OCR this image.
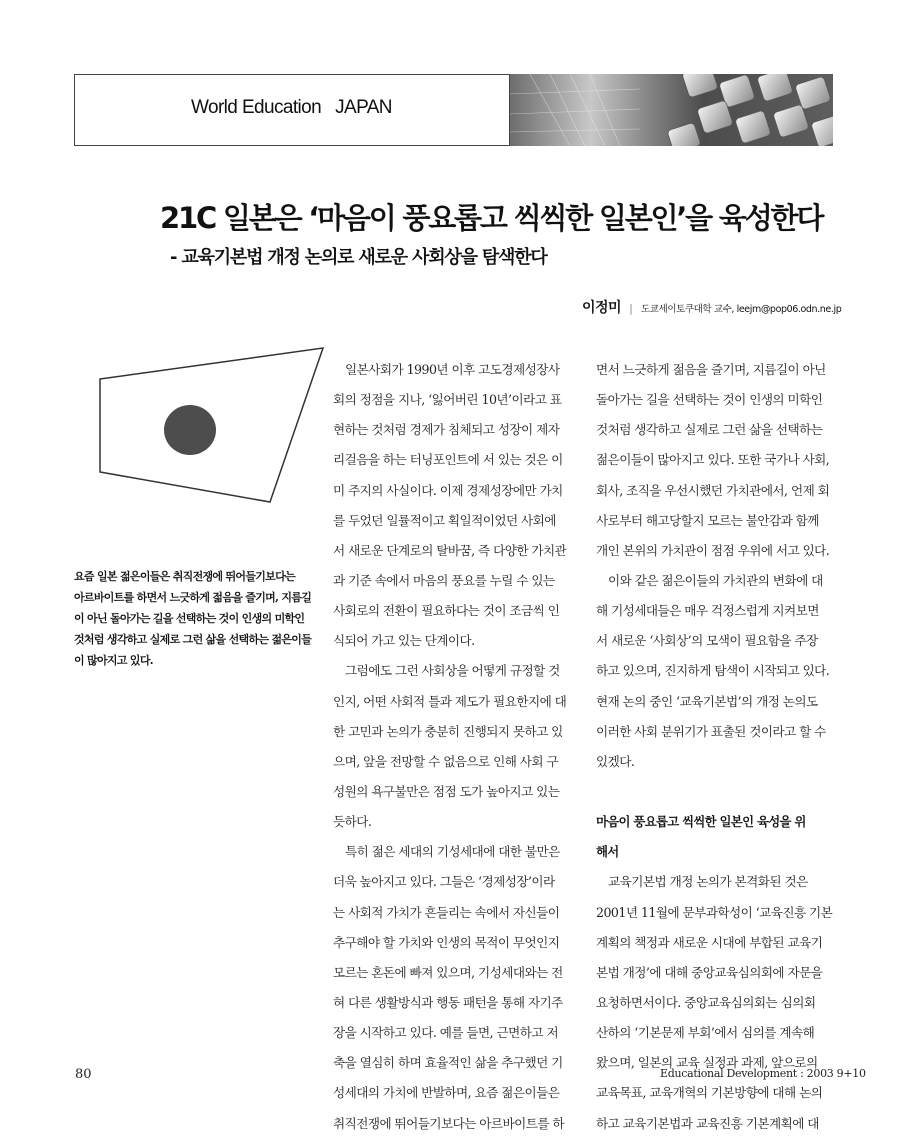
World Education   JAPAN
21C 일본은 ‘마음이 풍요롭고 씩씩한 일본인’을 육성한다
- 교육기본법 개정 논의로 새로운 사회상을 탐색한다
이정미 | 도쿄세이토쿠대학 교수, leejm@pop06.odn.ne.jp
요즘 일본 젊은이들은 취직전쟁에 뛰어들기보다는
아르바이트를 하면서 느긋하게 젊음을 즐기며, 지름길
이 아닌 돌아가는 길을 선택하는 것이 인생의 미학인
것처럼 생각하고 실제로 그런 삶을 선택하는 젊은이들
이 많아지고 있다.
　일본사회가 1990년 이후 고도경제성장사
회의 정점을 지나, ‘잃어버린 10년’이라고 표
현하는 것처럼 경제가 침체되고 성장이 제자
리걸음을 하는 터닝포인트에 서 있는 것은 이
미 주지의 사실이다. 이제 경제성장에만 가치
를 두었던 일률적이고 획일적이었던 사회에
서 새로운 단계로의 탈바꿈, 즉 다양한 가치관
과 기준 속에서 마음의 풍요를 누릴 수 있는
사회로의 전환이 필요하다는 것이 조금씩 인
식되어 가고 있는 단계이다.
　그럼에도 그런 사회상을 어떻게 규정할 것
인지, 어떤 사회적 틀과 제도가 필요한지에 대
한 고민과 논의가 충분히 진행되지 못하고 있
으며, 앞을 전망할 수 없음으로 인해 사회 구
성원의 욕구불만은 점점 도가 높아지고 있는
듯하다.
　특히 젊은 세대의 기성세대에 대한 불만은
더욱 높아지고 있다. 그들은 ‘경제성장’이라
는 사회적 가치가 흔들리는 속에서 자신들이
추구해야 할 가치와 인생의 목적이 무엇인지
모르는 혼돈에 빠져 있으며, 기성세대와는 전
혀 다른 생활방식과 행동 패턴을 통해 자기주
장을 시작하고 있다. 예를 들면, 근면하고 저
축을 열심히 하며 효율적인 삶을 추구했던 기
성세대의 가치에 반발하며, 요즘 젊은이들은
취직전쟁에 뛰어들기보다는 아르바이트를 하
면서 느긋하게 젊음을 즐기며, 지름길이 아닌
돌아가는 길을 선택하는 것이 인생의 미학인
것처럼 생각하고 실제로 그런 삶을 선택하는
젊은이들이 많아지고 있다. 또한 국가나 사회,
회사, 조직을 우선시했던 가치관에서, 언제 회
사로부터 해고당할지 모르는 불안감과 함께
개인 본위의 가치관이 점점 우위에 서고 있다.
　이와 같은 젊은이들의 가치관의 변화에 대
해 기성세대들은 매우 걱정스럽게 지켜보면
서 새로운 ‘사회상’의 모색이 필요함을 주장
하고 있으며, 진지하게 탐색이 시작되고 있다.
현재 논의 중인 ‘교육기본법’의 개정 논의도
이러한 사회 분위기가 표출된 것이라고 할 수
있겠다.
마음이 풍요롭고 씩씩한 일본인 육성을 위
해서
　교육기본법 개정 논의가 본격화된 것은
2001년 11월에 문부과학성이 ‘교육진흥 기본
계획의 책정과 새로운 시대에 부합된 교육기
본법 개정’에 대해 중앙교육심의회에 자문을
요청하면서이다. 중앙교육심의회는 심의회
산하의 ‘기본문제 부회’에서 심의를 계속해
왔으며, 일본의 교육 실정과 과제, 앞으로의
교육목표, 교육개혁의 기본방향에 대해 논의
하고 교육기본법과 교육진흥 기본계획에 대
80	Educational Development : 2003 9+10
